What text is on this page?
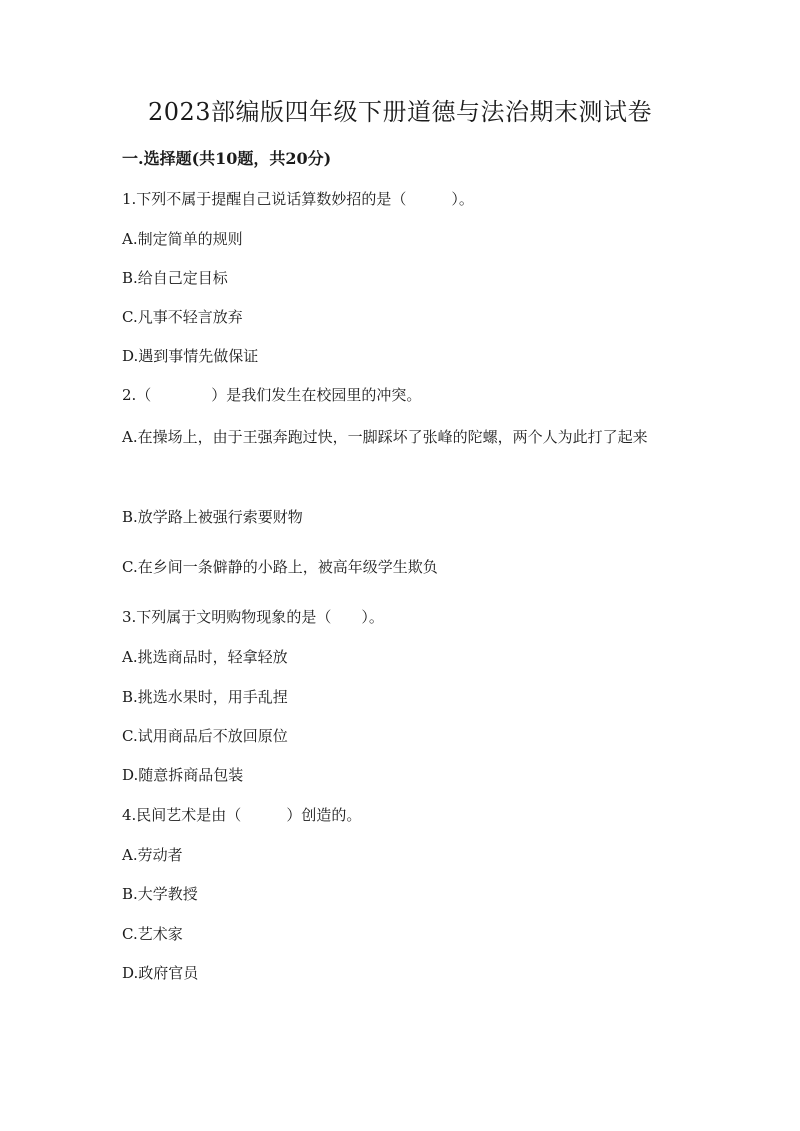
2023部编版四年级下册道德与法治期末测试卷
一.选择题(共10题，共20分)
1.下列不属于提醒自己说话算数妙招的是（　　　）。
A.制定简单的规则
B.给自己定目标
C.凡事不轻言放弃
D.遇到事情先做保证
2.（　　　　）是我们发生在校园里的冲突。
A.在操场上，由于王强奔跑过快，一脚踩坏了张峰的陀螺，两个人为此打了起来
B.放学路上被强行索要财物
C.在乡间一条僻静的小路上，被高年级学生欺负
3.下列属于文明购物现象的是（　　）。
A.挑选商品时，轻拿轻放
B.挑选水果时，用手乱捏
C.试用商品后不放回原位
D.随意拆商品包装
4.民间艺术是由（　　　）创造的。
A.劳动者
B.大学教授
C.艺术家
D.政府官员
